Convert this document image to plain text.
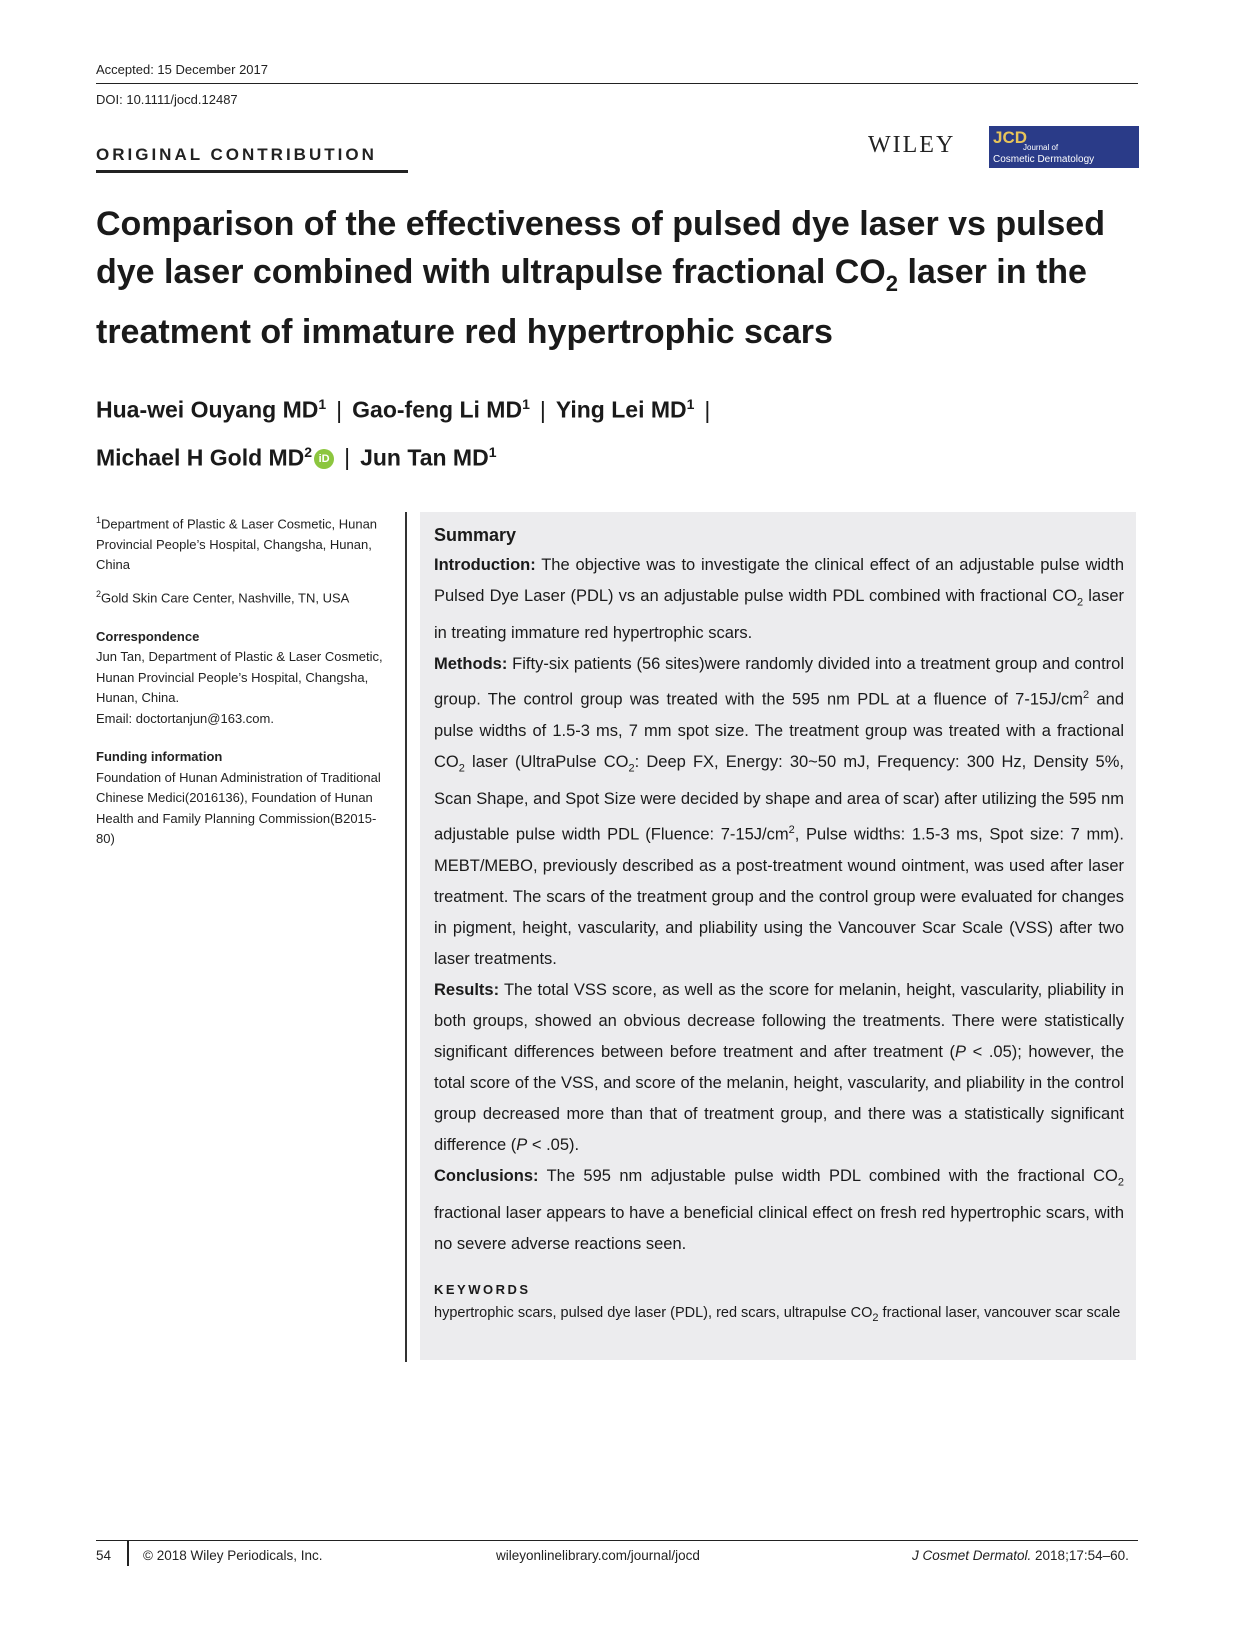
Accepted: 15 December 2017
DOI: 10.1111/jocd.12487
ORIGINAL CONTRIBUTION	WILEY JCD
Journal of
Cosmetic Dermatology
Comparison of the effectiveness of pulsed dye laser vs pulsed dye laser combined with ultrapulse fractional $CO_2$ laser in the treatment of immature red hypertrophic scars
Hua-wei Ouyang $MD^1$ | Gao-feng Li $MD^1$ | Ying Lei $MD^1$ |
Michael H Gold $MD^2$ iD | Jun Tan $MD^1$

$^1$Department of Plastic & Laser Cosmetic, Hunan Provincial People’s Hospital, Changsha, Hunan, China

$^2$Gold Skin Care Center, Nashville, TN, USA

Correspondence
Jun Tan, Department of Plastic & Laser Cosmetic, Hunan Provincial People’s Hospital, Changsha, Hunan, China.
Email: doctortanjun@163.com.

Funding information
Foundation of Hunan Administration of Traditional Chinese Medici(2016136), Foundation of Hunan Health and Family Planning Commission(B2015-80)

Summary

Introduction: The objective was to investigate the clinical effect of an adjustable pulse width Pulsed Dye Laser (PDL) vs an adjustable pulse width PDL combined with fractional $CO_2$ laser in treating immature red hypertrophic scars.

Methods: Fifty-six patients (56 sites)were randomly divided into a treatment group and control group. The control group was treated with the 595 nm PDL at a fluence of $7-15J/cm^2$ and pulse widths of 1.5-3 ms, 7 mm spot size. The treatment group was treated with a fractional $CO_2$ laser (UltraPulse $CO_2$: Deep FX, Energy: 30~50 mJ, Frequency: 300 Hz, Density 5%, Scan Shape, and Spot Size were decided by shape and area of scar) after utilizing the 595 nm adjustable pulse width PDL (Fluence: $7-15J/cm^2$, Pulse widths: 1.5-3 ms, Spot size: 7 mm). MEBT/MEBO, previously described as a post-treatment wound ointment, was used after laser treatment. The scars of the treatment group and the control group were evaluated for changes in pigment, height, vascularity, and pliability using the Vancouver Scar Scale (VSS) after two laser treatments.

Results: The total VSS score, as well as the score for melanin, height, vascularity, pliability in both groups, showed an obvious decrease following the treatments. There were statistically significant differences between before treatment and after treatment (P < .05); however, the total score of the VSS, and score of the melanin, height, vascularity, and pliability in the control group decreased more than that of treatment group, and there was a statistically significant difference (P < .05).

Conclusions: The 595 nm adjustable pulse width PDL combined with the fractional $CO_2$ fractional laser appears to have a beneficial clinical effect on fresh red hypertrophic scars, with no severe adverse reactions seen.

KEYWORDS

hypertrophic scars, pulsed dye laser (PDL), red scars, ultrapulse $CO_2$ fractional laser, vancouver scar scale

54 © 2018 Wiley Periodicals, Inc.	wileyonlinelibrary.com/journal/jocd	J Cosmet Dermatol. 2018;17:54–60.
